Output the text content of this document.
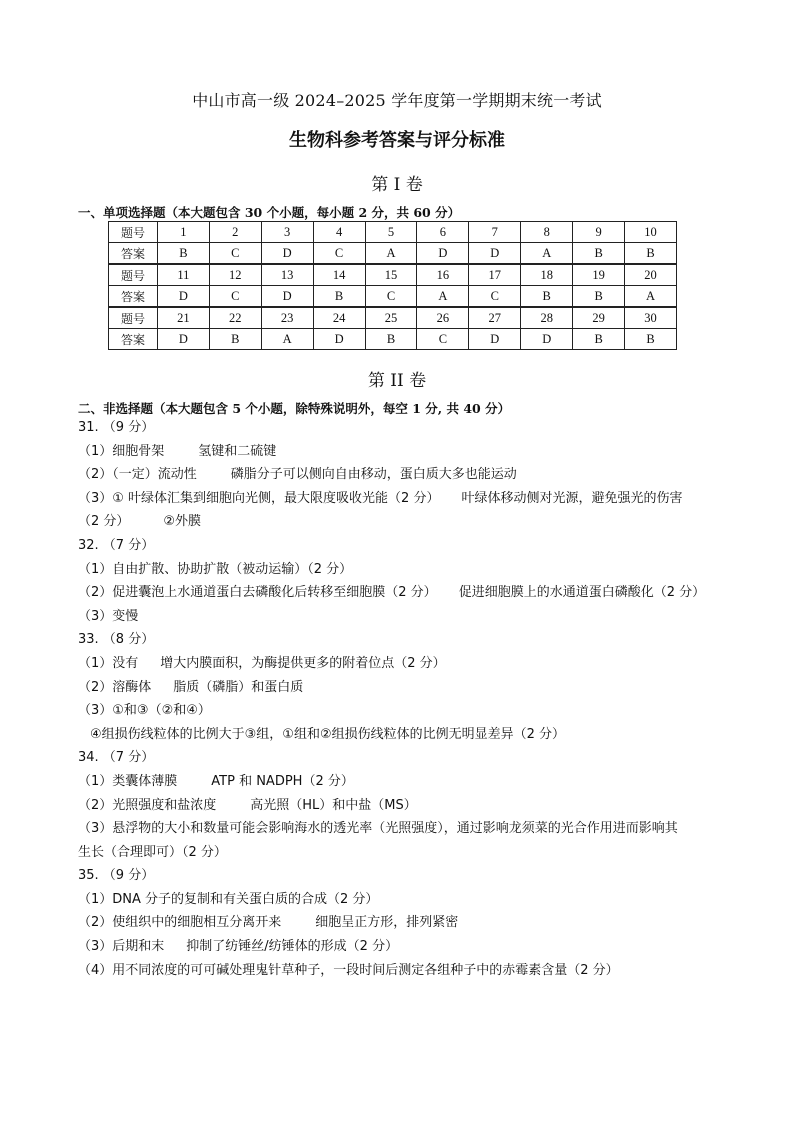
中山市高一级 2024–2025 学年度第一学期期末统一考试
生物科参考答案与评分标准
第 I 卷
一、单项选择题（本大题包含 30 个小题，每小题 2 分，共 60 分）
题号	1	2	3	4	5	6	7	8	9	10
答案	B	C	D	C	A	D	D	A	B	B
题号	11	12	13	14	15	16	17	18	19	20
答案	D	C	D	B	C	A	C	B	B	A
题号	21	22	23	24	25	26	27	28	29	30
答案	D	B	A	D	B	C	D	D	B	B
第 II 卷
二、非选择题（本大题包含 5 个小题，除特殊说明外，每空 1 分, 共 40 分）
31. （9 分）
（1）细胞骨架	氢键和二硫键
（2）（一定）流动性	磷脂分子可以侧向自由移动，蛋白质大多也能运动
（3）① 叶绿体汇集到细胞向光侧，最大限度吸收光能（2 分） 叶绿体移动侧对光源，避免强光的伤害
（2 分）	②外膜
32. （7 分）
（1）自由扩散、协助扩散（被动运输）（2 分）
（2）促进囊泡上水通道蛋白去磷酸化后转移至细胞膜（2 分） 促进细胞膜上的水通道蛋白磷酸化（2 分）
（3）变慢
33. （8 分）
（1）没有 增大内膜面积，为酶提供更多的附着位点（2 分）
（2）溶酶体 脂质（磷脂）和蛋白质
（3）①和③（②和④）
④组损伤线粒体的比例大于③组，①组和②组损伤线粒体的比例无明显差异（2 分）
34. （7 分）
（1）类囊体薄膜	ATP 和 NADPH（2 分）
（2）光照强度和盐浓度	高光照（HL）和中盐（MS）
（3）悬浮物的大小和数量可能会影响海水的透光率（光照强度），通过影响龙须菜的光合作用进而影响其
生长（合理即可）（2 分）
35. （9 分）
（1）DNA 分子的复制和有关蛋白质的合成（2 分）
（2）使组织中的细胞相互分离开来	细胞呈正方形，排列紧密
（3）后期和末 抑制了纺锤丝/纺锤体的形成（2 分）
（4）用不同浓度的可可碱处理鬼针草种子，一段时间后测定各组种子中的赤霉素含量（2 分）
